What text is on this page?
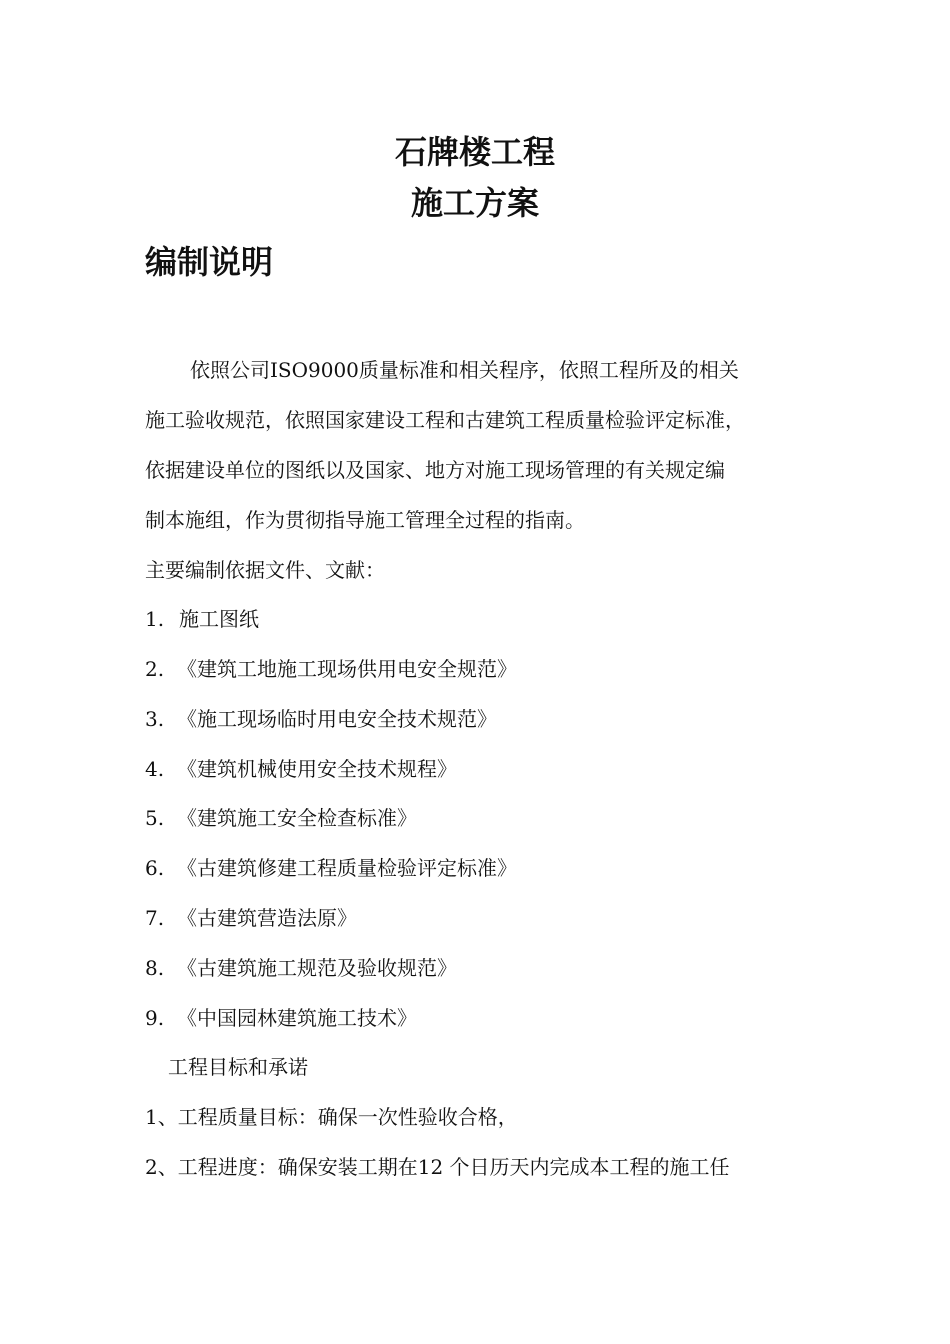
石牌楼工程
施工方案
编制说明
依照公司ISO9000质量标准和相关程序，依照工程所及的相关
施工验收规范，依照国家建设工程和古建筑工程质量检验评定标准，
依据建设单位的图纸以及国家、地方对施工现场管理的有关规定编
制本施组，作为贯彻指导施工管理全过程的指南。
主要编制依据文件、文献：
1. 施工图纸
2. 《建筑工地施工现场供用电安全规范》
3. 《施工现场临时用电安全技术规范》
4. 《建筑机械使用安全技术规程》
5. 《建筑施工安全检查标准》
6. 《古建筑修建工程质量检验评定标准》
7. 《古建筑营造法原》
8. 《古建筑施工规范及验收规范》
9. 《中国园林建筑施工技术》
工程目标和承诺
1、工程质量目标：确保一次性验收合格，
2、工程进度：确保安装工期在12 个日历天内完成本工程的施工任
